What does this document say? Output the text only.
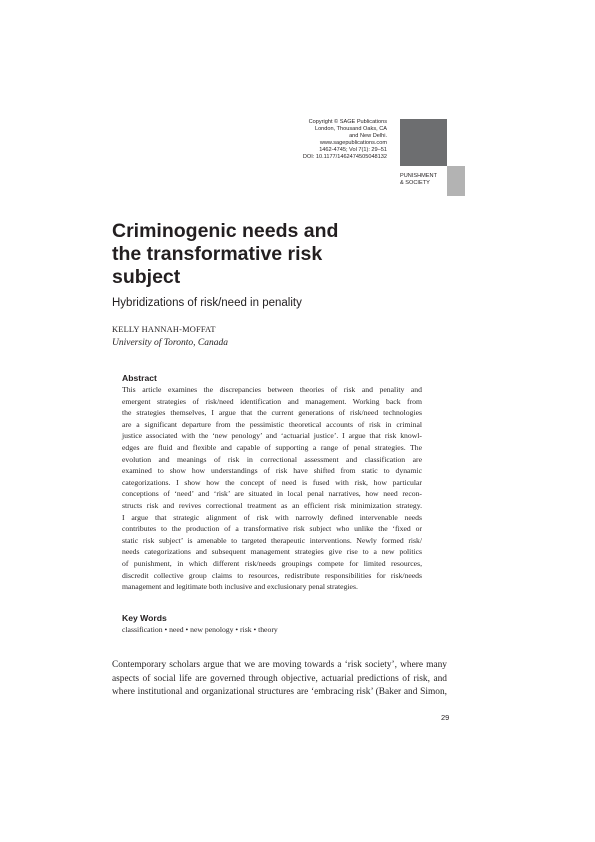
Copyright © SAGE Publications
London, Thousand Oaks, CA
and New Delhi.
www.sagepublications.com
1462-4745; Vol 7(1): 29–51
DOI: 10.1177/1462474505048132
PUNISHMENT
& SOCIETY
Criminogenic needs and
the transformative risk
subject
Hybridizations of risk/need in penality
KELLY HANNAH-MOFFAT
University of Toronto, Canada
Abstract
This article examines the discrepancies between theories of risk and penality and
emergent strategies of risk/need identification and management. Working back from
the strategies themselves, I argue that the current generations of risk/need technologies
are a significant departure from the pessimistic theoretical accounts of risk in criminal
justice associated with the ‘new penology’ and ‘actuarial justice’. I argue that risk knowl-
edges are fluid and flexible and capable of supporting a range of penal strategies. The
evolution and meanings of risk in correctional assessment and classification are
examined to show how understandings of risk have shifted from static to dynamic
categorizations. I show how the concept of need is fused with risk, how particular
conceptions of ‘need’ and ‘risk’ are situated in local penal narratives, how need recon-
structs risk and revives correctional treatment as an efficient risk minimization strategy.
I argue that strategic alignment of risk with narrowly defined intervenable needs
contributes to the production of a transformative risk subject who unlike the ‘fixed or
static risk subject’ is amenable to targeted therapeutic interventions. Newly formed risk/
needs categorizations and subsequent management strategies give rise to a new politics
of punishment, in which different risk/needs groupings compete for limited resources,
discredit collective group claims to resources, redistribute responsibilities for risk/needs
management and legitimate both inclusive and exclusionary penal strategies.
Key Words
classification • need • new penology • risk • theory
Contemporary scholars argue that we are moving towards a ‘risk society’, where many
aspects of social life are governed through objective, actuarial predictions of risk, and
where institutional and organizational structures are ‘embracing risk’ (Baker and Simon,
29
